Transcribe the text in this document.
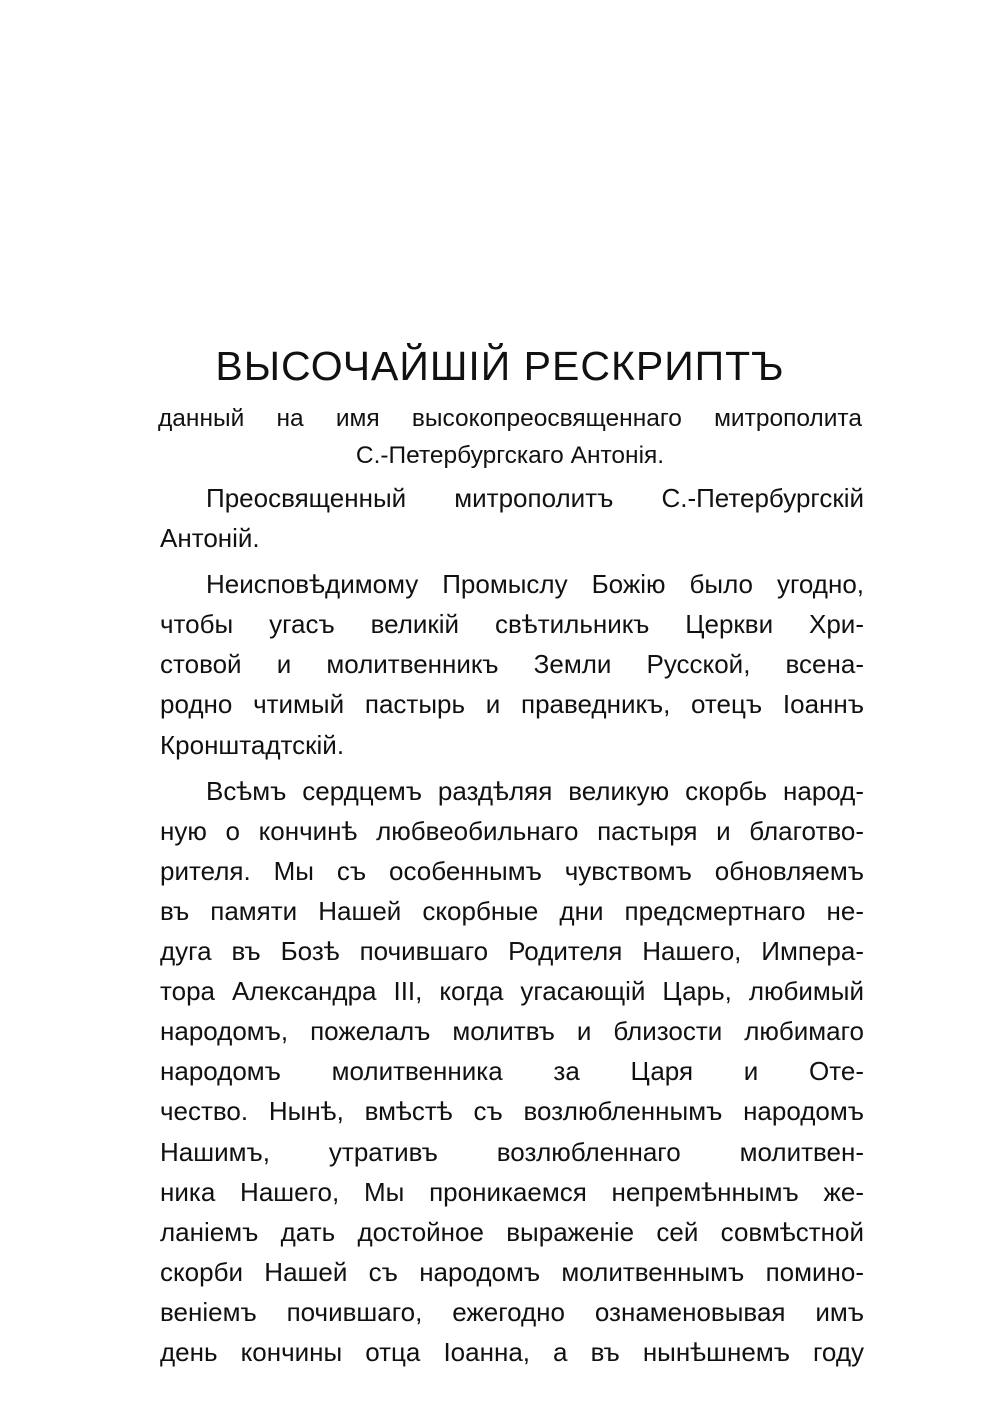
ВЫСОЧАЙШІЙ РЕСКРИПТЪ
данный на имя высокопреосвященнаго митрополита
С.-Петербургскаго Антонія.
Преосвященный митрополитъ С.-Петербургскій
Антоній.
Неисповѣдимому Промыслу Божію было угодно,
чтобы угасъ великій свѣтильникъ Церкви Хри-
стовой и молитвенникъ Земли Русской, всена-
родно чтимый пастырь и праведникъ, отецъ Іоаннъ
Кронштадтскій.
Всѣмъ сердцемъ раздѣляя великую скорбь народ-
ную о кончинѣ любвеобильнаго пастыря и благотво-
рителя. Мы съ особеннымъ чувствомъ обновляемъ
въ памяти Нашей скорбные дни предсмертнаго не-
дуга въ Бозѣ почившаго Родителя Нашего, Импера-
тора Александра III, когда угасающій Царь, любимый
народомъ, пожелалъ молитвъ и близости любимаго
народомъ молитвенника за Царя и Оте-
чество. Нынѣ, вмѣстѣ съ возлюбленнымъ народомъ
Нашимъ, утративъ возлюбленнаго молитвен-
ника Нашего, Мы проникаемся непремѣннымъ же-
ланіемъ дать достойное выраженіе сей совмѣстной
скорби Нашей съ народомъ молитвеннымъ помино-
веніемъ почившаго, ежегодно ознаменовывая имъ
день кончины отца Іоанна, а въ нынѣшнемъ году
